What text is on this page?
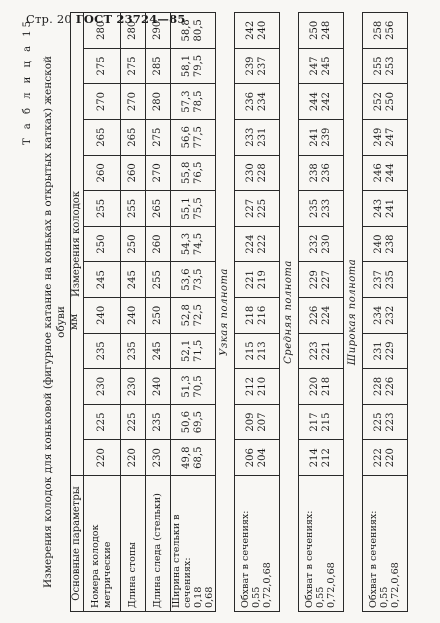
Стр. 20 ГОСТ 23724—85
Т а б л и ц а 15 Измерения колодок для коньковой (фигурное катание на коньках в открытых катках) женской обуви мм
Основные параметры	Измерения колодок												
Номера колодок метрические	220	225	230	235	240	245	250	255	260	265	270	275	280
Длина стопы	220	225	230	235	240	245	250	255	260	265	270	275	280
Длина следа (стельки)	230	235	240	245	250	255	260	265	270	275	280	285	290

Ширина стельки в сечениях: 0,18 0,68	49,8 68,5	50,6 69,5	51,3 70,5	52,1 71,5	52,8 72,5	53,6 73,5	54,3 74,5	55,1 75,5	55,8 76,5	56,6 77,5	57,3 78,5	58,1 79,5	58,8 80,5

Узкая полнота													

Обхват в сечениях: 0,55 0,72,0,68	206 204	209 207	212 210	215 213	218 216	221 219	224 222	227 225	230 228	233 231	236 234	239 237	242 240

Средняя полнота													

Обхват в сечениях: 0,55 0,72,0,68	214 212	217 215	220 218	223 221	226 224	229 227	232 230	235 233	238 236	241 239	244 242	247 245	250 248

Широкая полнота													

Обхват в сечениях: 0,55 0,72,0,68	222 220	225 223	228 226	231 229	234 232	237 235	240 238	243 241	246 244	249 247	252 250	255 253	258 256
